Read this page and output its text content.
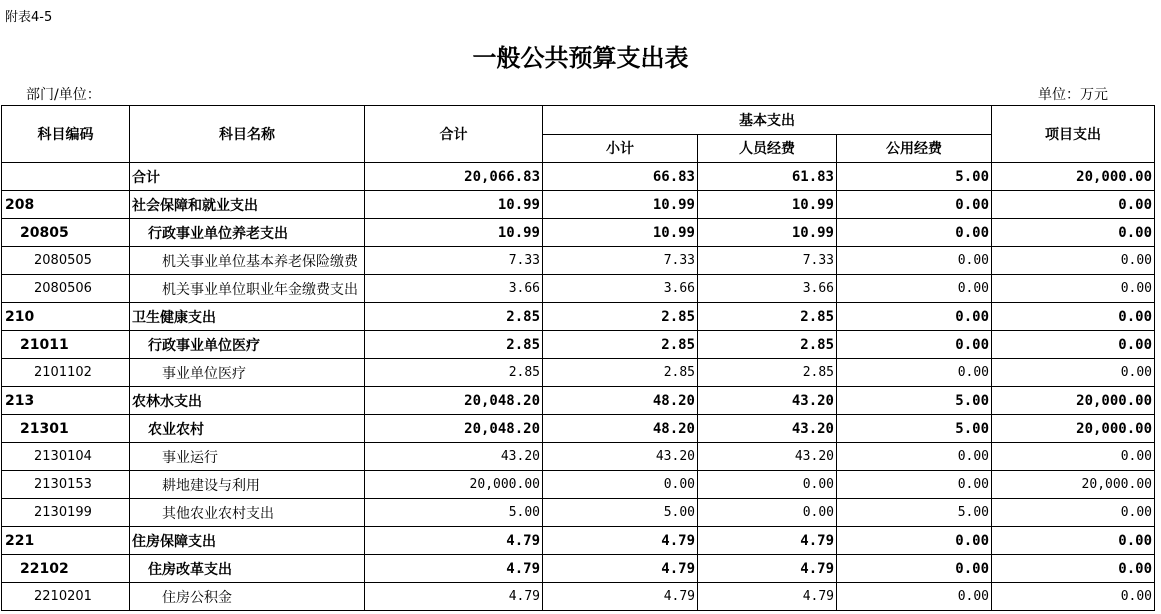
附表4-5
一般公共预算支出表
部门/单位：	单位：万元
科目编码	科目名称	合计	基本支出			项目支出
			小计	人员经费	公用经费	
	合计	20,066.83	66.83	61.83	5.00	20,000.00
208	社会保障和就业支出	10.99	10.99	10.99	0.00	0.00
20805	行政事业单位养老支出	10.99	10.99	10.99	0.00	0.00
2080505	机关事业单位基本养老保险缴费	7.33	7.33	7.33	0.00	0.00
2080506	机关事业单位职业年金缴费支出	3.66	3.66	3.66	0.00	0.00
210	卫生健康支出	2.85	2.85	2.85	0.00	0.00
21011	行政事业单位医疗	2.85	2.85	2.85	0.00	0.00
2101102	事业单位医疗	2.85	2.85	2.85	0.00	0.00
213	农林水支出	20,048.20	48.20	43.20	5.00	20,000.00
21301	农业农村	20,048.20	48.20	43.20	5.00	20,000.00
2130104	事业运行	43.20	43.20	43.20	0.00	0.00
2130153	耕地建设与利用	20,000.00	0.00	0.00	0.00	20,000.00
2130199	其他农业农村支出	5.00	5.00	0.00	5.00	0.00
221	住房保障支出	4.79	4.79	4.79	0.00	0.00
22102	住房改革支出	4.79	4.79	4.79	0.00	0.00
2210201	住房公积金	4.79	4.79	4.79	0.00	0.00
